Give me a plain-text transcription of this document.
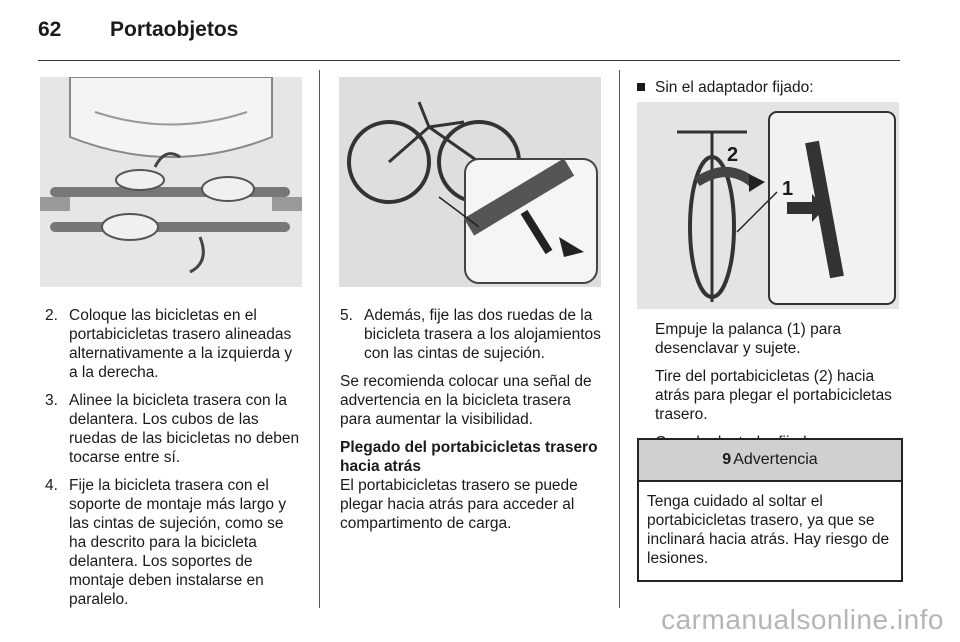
62 Portaobjetos
2
1
2. Coloque las bicicletas en el portabicicletas trasero alineadas alternativamente a la izquierda y a la derecha.
3. Alinee la bicicleta trasera con la delantera. Los cubos de las ruedas de las bicicletas no deben tocarse entre sí.
4. Fije la bicicleta trasera con el soporte de montaje más largo y las cintas de sujeción, como se ha descrito para la bicicleta delantera. Los soportes de montaje deben instalarse en paralelo.
5. Además, fije las dos ruedas de la bicicleta trasera a los alojamientos con las cintas de sujeción.

Se recomienda colocar una señal de advertencia en la bicicleta trasera para aumentar la visibilidad.

Plegado del portabicicletas trasero hacia atrás

El portabicicletas trasero se puede plegar hacia atrás para acceder al compartimento de carga.

Sin el adaptador fijado:

Empuje la palanca (1) para desenclavar y sujete.

Tire del portabicicletas (2) hacia atrás para plegar el portabicicletas trasero.

9 Advertencia
Tenga cuidado al soltar el portabicicletas trasero, ya que se inclinará hacia atrás. Hay riesgo de lesiones.
carmanualsonline.info
